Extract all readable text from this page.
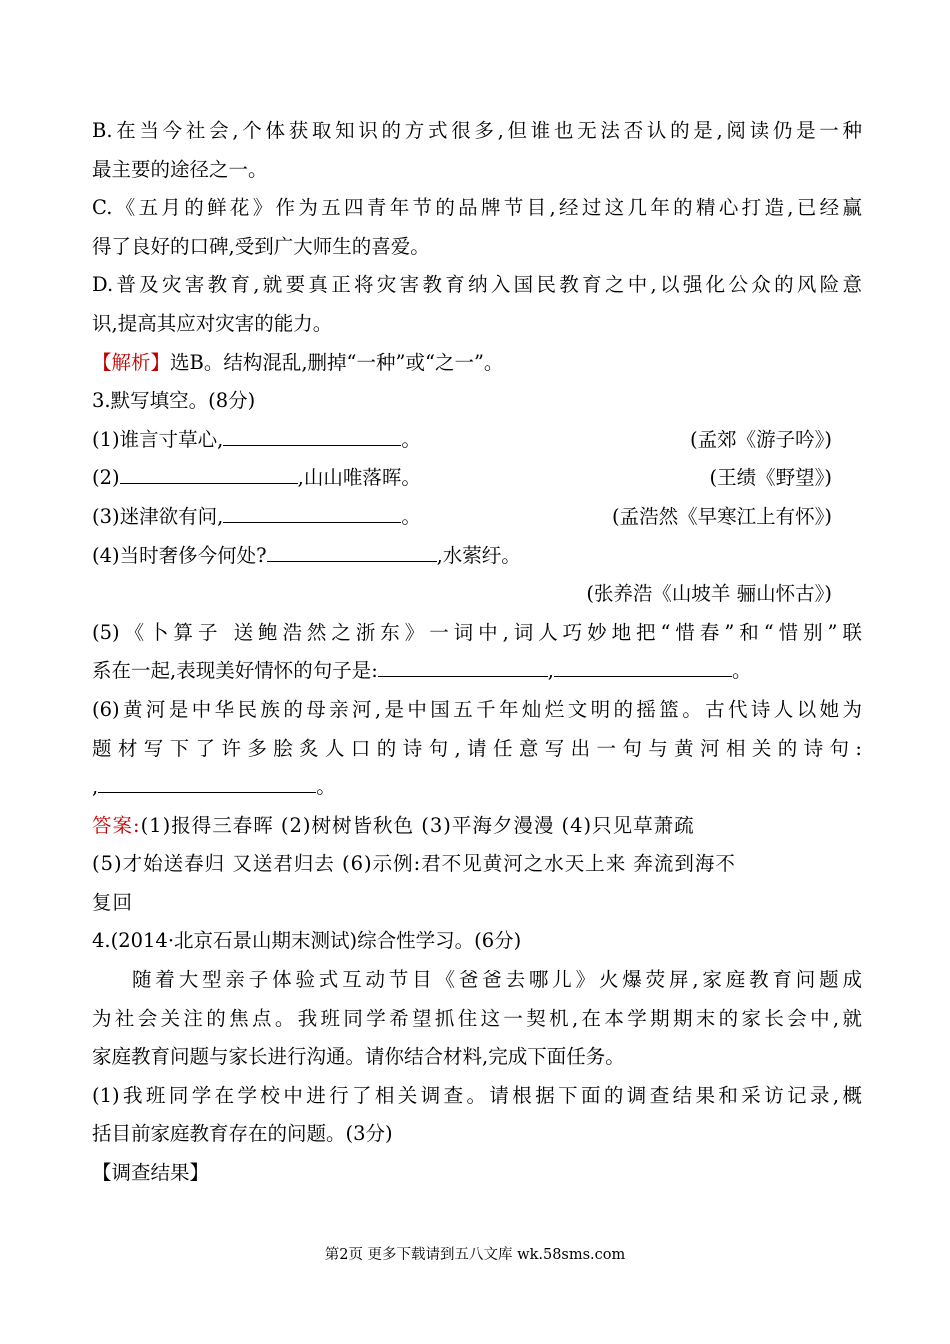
B.在当今社会,个体获取知识的方式很多,但谁也无法否认的是,阅读仍是一种
最主要的途径之一。
C.《五月的鲜花》作为五四青年节的品牌节目,经过这几年的精心打造,已经赢
得了良好的口碑,受到广大师生的喜爱。
D.普及灾害教育,就要真正将灾害教育纳入国民教育之中,以强化公众的风险意
识,提高其应对灾害的能力。
【解析】选B。结构混乱,删掉“一种”或“之一”。
3.默写填空。(8分)
(1)谁言寸草心,	。	(孟郊《游子吟》)
(2)	,山山唯落晖。	(王绩《野望》)
(3)迷津欲有问,	。	(孟浩然《早寒江上有怀》)
(4)当时奢侈今何处?	,水萦纡。
(张养浩《山坡羊 骊山怀古》)
(5)《卜算子 送鲍浩然之浙东》一词中,词人巧妙地把“惜春”和“惜别”联
系在一起,表现美好情怀的句子是:	,	。
(6)黄河是中华民族的母亲河,是中国五千年灿烂文明的摇篮。古代诗人以她为
题材写下了许多脍炙人口的诗句,请任意写出一句与黄河相关的诗句:
,	。
答案:(1)报得三春晖 (2)树树皆秋色 (3)平海夕漫漫 (4)只见草萧疏
(5)才始送春归 又送君归去 (6)示例:君不见黄河之水天上来 奔流到海不
复回
4.(2014·北京石景山期末测试)综合性学习。(6分)
随着大型亲子体验式互动节目《爸爸去哪儿》火爆荧屏,家庭教育问题成
为社会关注的焦点。我班同学希望抓住这一契机,在本学期期末的家长会中,就
家庭教育问题与家长进行沟通。请你结合材料,完成下面任务。
(1)我班同学在学校中进行了相关调查。请根据下面的调查结果和采访记录,概
括目前家庭教育存在的问题。(3分)
【调查结果】
第2页 更多下载请到五八文库 wk.58sms.com
